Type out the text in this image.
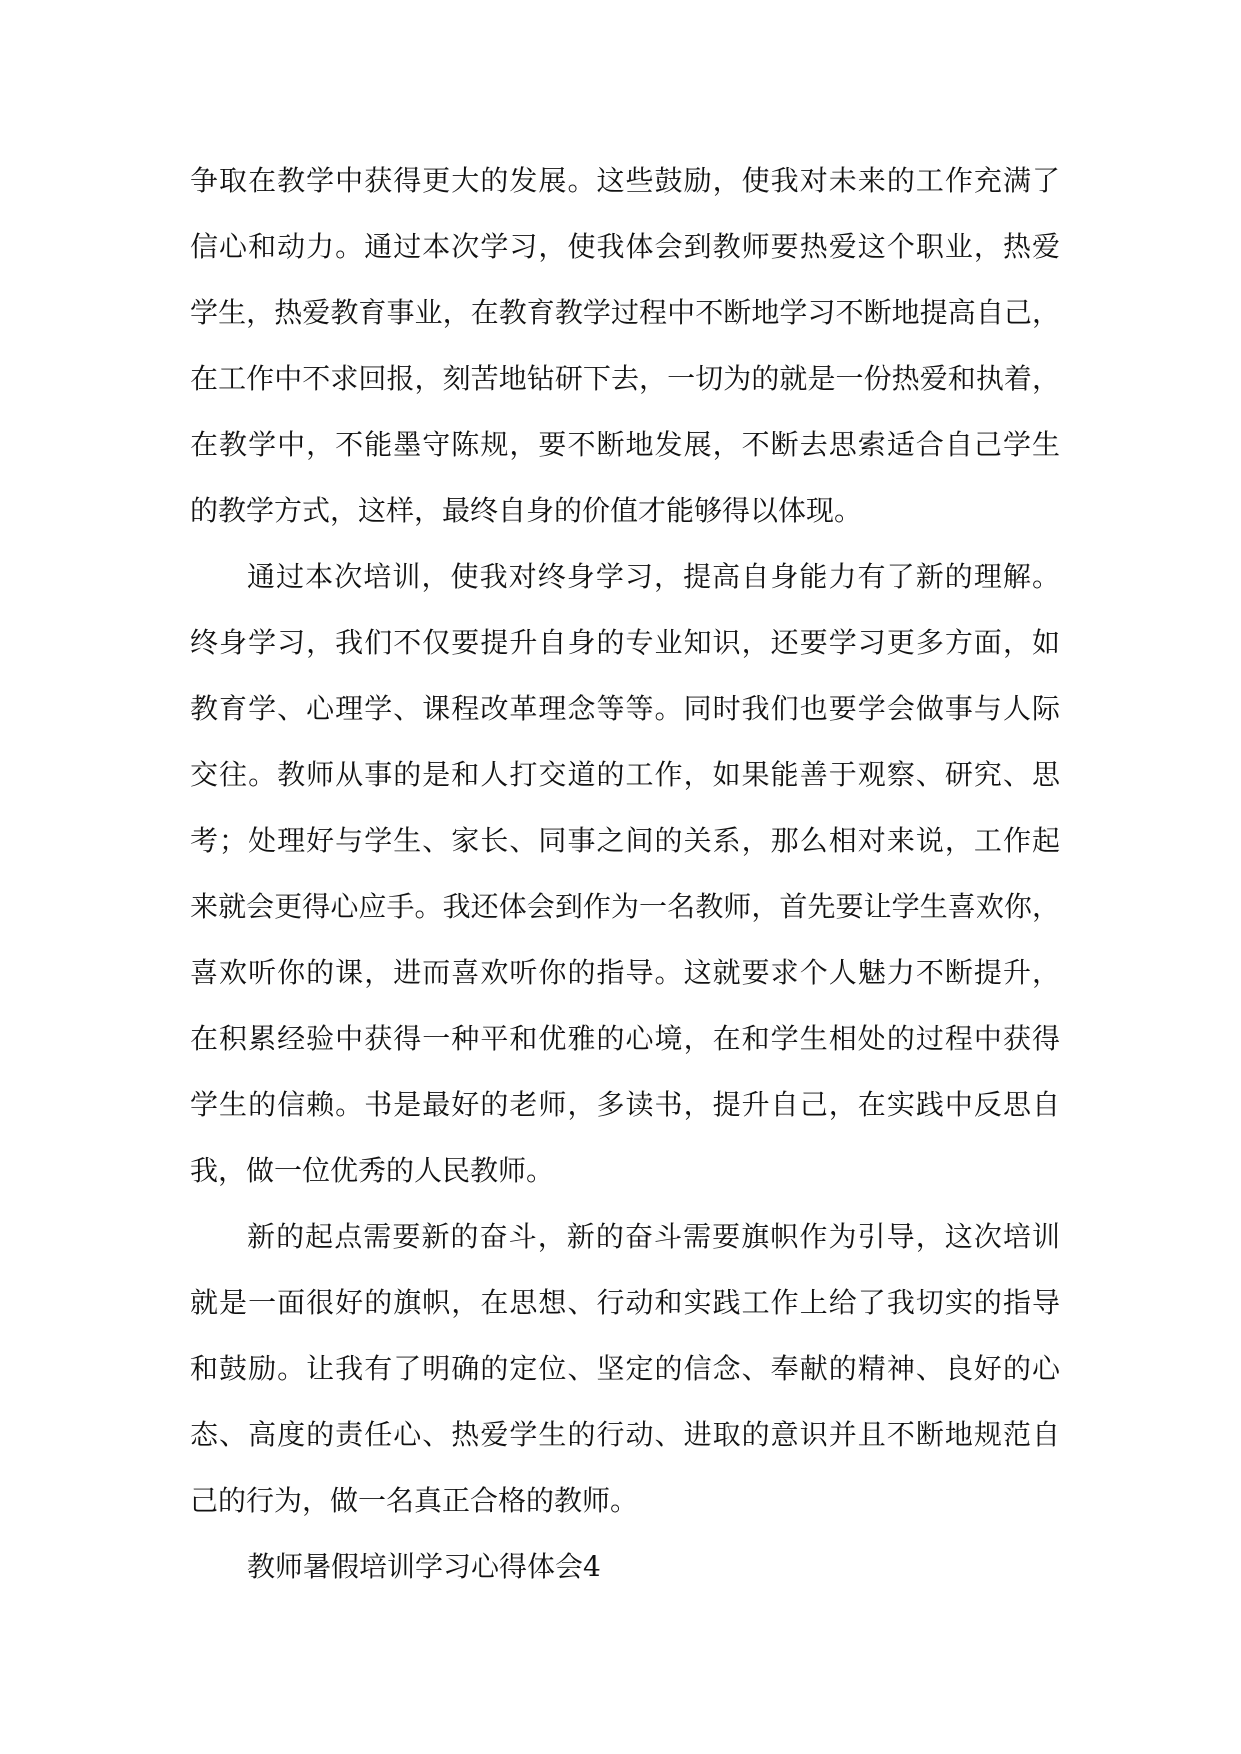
争取在教学中获得更大的发展。这些鼓励，使我对未来的工作充满了
信心和动力。通过本次学习，使我体会到教师要热爱这个职业，热爱
学生，热爱教育事业，在教育教学过程中不断地学习不断地提高自己，
在工作中不求回报，刻苦地钻研下去，一切为的就是一份热爱和执着，
在教学中，不能墨守陈规，要不断地发展，不断去思索适合自己学生
的教学方式，这样，最终自身的价值才能够得以体现。
通过本次培训，使我对终身学习，提高自身能力有了新的理解。
终身学习，我们不仅要提升自身的专业知识，还要学习更多方面，如
教育学、心理学、课程改革理念等等。同时我们也要学会做事与人际
交往。教师从事的是和人打交道的工作，如果能善于观察、研究、思
考；处理好与学生、家长、同事之间的关系，那么相对来说，工作起
来就会更得心应手。我还体会到作为一名教师，首先要让学生喜欢你，
喜欢听你的课，进而喜欢听你的指导。这就要求个人魅力不断提升，
在积累经验中获得一种平和优雅的心境，在和学生相处的过程中获得
学生的信赖。书是最好的老师，多读书，提升自己，在实践中反思自
我，做一位优秀的人民教师。
新的起点需要新的奋斗，新的奋斗需要旗帜作为引导，这次培训
就是一面很好的旗帜，在思想、行动和实践工作上给了我切实的指导
和鼓励。让我有了明确的定位、坚定的信念、奉献的精神、良好的心
态、高度的责任心、热爱学生的行动、进取的意识并且不断地规范自
己的行为，做一名真正合格的教师。
教师暑假培训学习心得体会4
